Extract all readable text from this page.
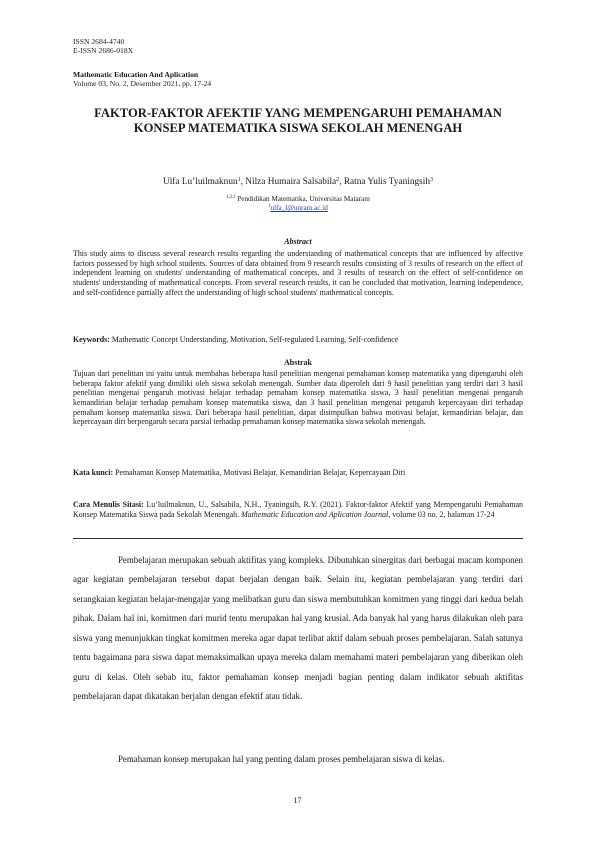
ISSN 2684-4740
E-ISSN 2686-018X
Mathematic Education And Aplication
Volume 03, No. 2, Desember 2021, pp. 17-24
FAKTOR-FAKTOR AFEKTIF YANG MEMPENGARUHI PEMAHAMAN KONSEP MATEMATIKA SISWA SEKOLAH MENENGAH
Ulfa Lu’luilmaknun$^1$, Nilza Humaira Salsabila$^2$, Ratna Yulis Tyaningsih$^3$
$^{1,2,3}$ Pendidikan Matematika, Universitas Mataram
$^1$ulfa_l@unram.ac.id
Abstract
This study aims to discuss several research results regarding the understanding of mathematical concepts that are influenced by affective factors possessed by high school students. Sources of data obtained from 9 research results consisting of 3 results of research on the effect of independent learning on students' understanding of mathematical concepts, and 3 results of research on the effect of self-confidence on students' understanding of mathematical concepts. From several research results, it can be concluded that motivation, learning independence, and self-confidence partially affect the understanding of high school students' mathematical concepts.
Keywords: Mathematic Concept Understanding, Motivation, Self-regulated Learning, Self-confidence
Abstrak
Tujuan dari penelitian ini yaitu untuk membahas beberapa hasil penelitian mengenai pemahaman konsep matematika yang dipengaruhi oleh beberapa faktor afektif yang dimiliki oleh siswa sekolah menengah. Sumber data diperoleh dari 9 hasil penelitian yang terdiri dari 3 hasil penelitian mengenai pengaruh motivasi belajar terhadap pemaham konsep matematika siswa, 3 hasil penelitian mengenai pengaruh kemandirian belajar terhadap pemaham konsep matematika siswa, dan 3 hasil penelitian mengenai pengaruh kepercayaan diri terhadap pemaham konsep matematika siswa. Dari beberapa hasil penelitian, dapat disimpulkan bahwa motivasi belajar, kemandirian belajar, dan kepercayaan diri berpengaruh secara parsial terhadap pemahaman konsep matematika siswa sekolah menengah.
Kata kunci: Pemahaman Konsep Matematika, Motivasi Belajar, Kemandirian Belajar, Kepercayaan Diri
Cara Menulis Sitasi: Lu’luilmaknun, U., Salsabila, N.H., Tyaningsih, R.Y. (2021). Faktor-faktor Afektif yang Mempengaruhi Pemahaman Konsep Matematika Siswa pada Sekolah Menengah. Mathematic Education and Aplication Journal, volume 03 no. 2, halaman 17-24
Pembelajaran merupakan sebuah aktifitas yang kompleks. Dibutuhkan sinergitas dari berbagai macam komponen agar kegiatan pembelajaran tersebut dapat berjalan dengan baik. Selain itu, kegiatan pembelajaran yang terdiri dari serangkaian kegiatan belajar-mengajar yang melibatkan guru dan siswa membutuhkan komitmen yang tinggi dari kedua belah pihak. Dalam hal ini, komitmen dari murid tentu merupakan hal yang krusial. Ada banyak hal yang harus dilakukan oleh para siswa yang menunjukkan tingkat komitmen mereka agar dapat terlibat aktif dalam sebuah proses pembelajaran. Salah satunya tentu bagaimana para siswa dapat memaksimalkan upaya mereka dalam memahami materi pembelajaran yang diberikan oleh guru di kelas. Oleh sebab itu, faktor pemahaman konsep menjadi bagian penting dalam indikator sebuah aktifitas pembelajaran dapat dikatakan berjalan dengan efektif atau tidak.
Pemahaman konsep merupakan hal yang penting dalam proses pembelajaran siswa di kelas.
17
